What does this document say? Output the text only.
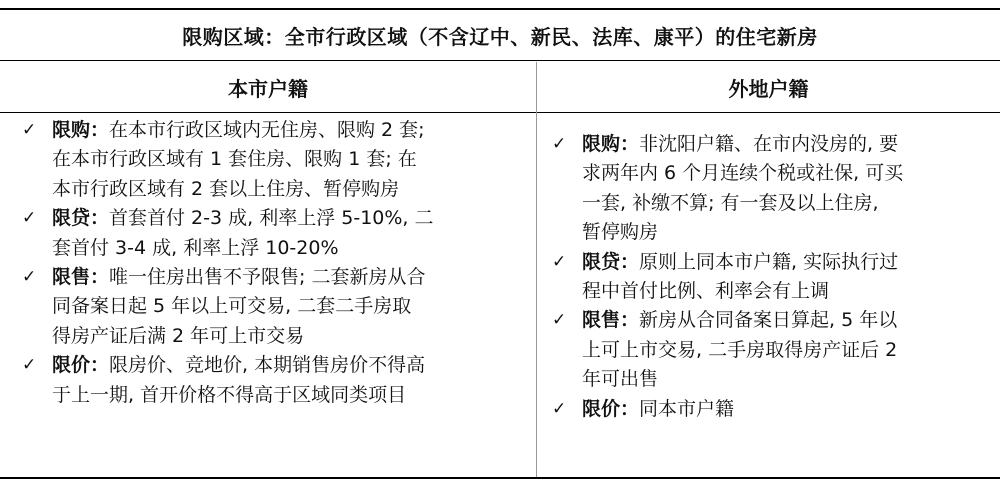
限购区域：全市行政区域（不含辽中、新民、法库、康平）的住宅新房
本市户籍	外地户籍
✓ 限购：在本市行政区域内无住房、限购 2 套;
在本市行政区域有 1 套住房、限购 1 套; 在
本市行政区域有 2 套以上住房、暂停购房
✓ 限贷：首套首付 2-3 成, 利率上浮 5-10%, 二
套首付 3-4 成, 利率上浮 10-20%
✓ 限售：唯一住房出售不予限售; 二套新房从合
同备案日起 5 年以上可交易, 二套二手房取
得房产证后满 2 年可上市交易
✓ 限价：限房价、竞地价, 本期销售房价不得高
于上一期, 首开价格不得高于区域同类项目
✓ 限购：非沈阳户籍、在市内没房的, 要
求两年内 6 个月连续个税或社保, 可买
一套, 补缴不算; 有一套及以上住房,
暂停购房
✓ 限贷：原则上同本市户籍, 实际执行过
程中首付比例、利率会有上调
✓ 限售：新房从合同备案日算起, 5 年以
上可上市交易, 二手房取得房产证后 2
年可出售
✓ 限价：同本市户籍
